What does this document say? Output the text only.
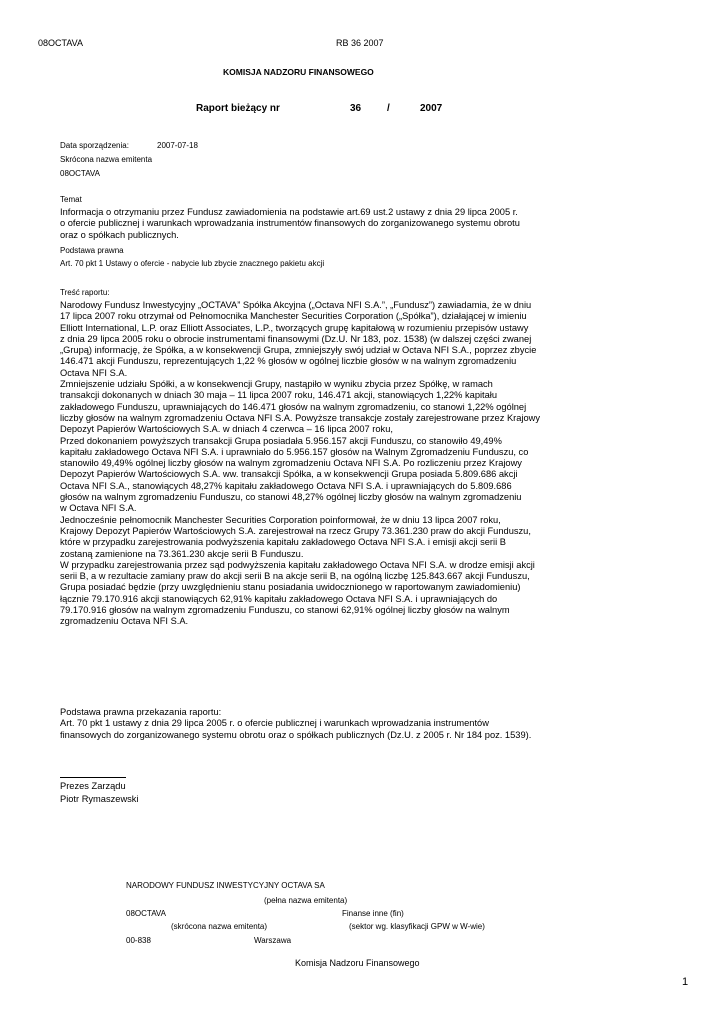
08OCTAVA	RB 36 2007
KOMISJA NADZORU FINANSOWEGO
Raport bieżący nr	36	/	2007
Data sporządzenia:	2007-07-18
Skrócona nazwa emitenta
08OCTAVA
Temat
Informacja o otrzymaniu przez Fundusz zawiadomienia na podstawie art.69 ust.2 ustawy z dnia 29 lipca 2005 r.
o ofercie publicznej i warunkach wprowadzania instrumentów finansowych do zorganizowanego systemu obrotu
oraz o spółkach publicznych.
Podstawa prawna
Art. 70 pkt 1 Ustawy o ofercie - nabycie lub zbycie znacznego pakietu akcji
Treść raportu:
Narodowy Fundusz Inwestycyjny „OCTAVA” Spółka Akcyjna („Octava NFI S.A.”, „Fundusz”) zawiadamia, że w dniu
17 lipca 2007 roku otrzymał od Pełnomocnika Manchester Securities Corporation („Spółka”), działającej w imieniu
Elliott International, L.P. oraz Elliott Associates, L.P., tworzących grupę kapitałową w rozumieniu przepisów ustawy
z dnia 29 lipca 2005 roku o obrocie instrumentami finansowymi (Dz.U. Nr 183, poz. 1538) (w dalszej części zwanej
„Grupą) informację, że Spółka, a w konsekwencji Grupa, zmniejszyły swój udział w Octava NFI S.A., poprzez zbycie
146.471 akcji Funduszu, reprezentujących 1,22 % głosów w ogólnej liczbie głosów w na walnym zgromadzeniu
Octava NFI S.A.
Zmniejszenie udziału Spółki, a w konsekwencji Grupy, nastąpiło w wyniku zbycia przez Spółkę, w ramach
transakcji dokonanych w dniach 30 maja – 11 lipca 2007 roku, 146.471 akcji, stanowiących 1,22% kapitału
zakładowego Funduszu, uprawniających do 146.471 głosów na walnym zgromadzeniu, co stanowi 1,22% ogólnej
liczby głosów na walnym zgromadzeniu Octava NFI S.A. Powyższe transakcje zostały zarejestrowane przez Krajowy
Depozyt Papierów Wartościowych S.A. w dniach 4 czerwca – 16 lipca 2007 roku,
Przed dokonaniem powyższych transakcji Grupa posiadała 5.956.157 akcji Funduszu, co stanowiło 49,49%
kapitału zakładowego Octava NFI S.A. i uprawniało do 5.956.157 głosów na Walnym Zgromadzeniu Funduszu, co
stanowiło 49,49% ogólnej liczby głosów na walnym zgromadzeniu Octava NFI S.A. Po rozliczeniu przez Krajowy
Depozyt Papierów Wartościowych S.A. ww. transakcji Spółka, a w konsekwencji Grupa posiada 5.809.686 akcji
Octava NFI S.A., stanowiących 48,27% kapitału zakładowego Octava NFI S.A. i uprawniających do 5.809.686
głosów na walnym zgromadzeniu Funduszu, co stanowi 48,27% ogólnej liczby głosów na walnym zgromadzeniu
w Octava NFI S.A.
Jednocześnie pełnomocnik Manchester Securities Corporation poinformował, że w dniu 13 lipca 2007 roku,
Krajowy Depozyt Papierów Wartościowych S.A. zarejestrował na rzecz Grupy 73.361.230 praw do akcji Funduszu,
które w przypadku zarejestrowania podwyższenia kapitału zakładowego Octava NFI S.A. i emisji akcji serii B
zostaną zamienione na 73.361.230 akcje serii B Funduszu.
W przypadku zarejestrowania przez sąd podwyższenia kapitału zakładowego Octava NFI S.A. w drodze emisji akcji
serii B, a w rezultacie zamiany praw do akcji serii B na akcje serii B, na ogólną liczbę 125.843.667 akcji Funduszu,
Grupa posiadać będzie (przy uwzględnieniu stanu posiadania uwidocznionego w raportowanym zawiadomieniu)
łącznie 79.170.916 akcji stanowiących 62,91% kapitału zakładowego Octava NFI S.A. i uprawniających do
79.170.916 głosów na walnym zgromadzeniu Funduszu, co stanowi 62,91% ogólnej liczby głosów na walnym
zgromadzeniu Octava NFI S.A.
Podstawa prawna przekazania raportu:
Art. 70 pkt 1 ustawy z dnia 29 lipca 2005 r. o ofercie publicznej i warunkach wprowadzania instrumentów
finansowych do zorganizowanego systemu obrotu oraz o spółkach publicznych (Dz.U. z 2005 r. Nr 184 poz. 1539).
Prezes Zarządu
Piotr Rymaszewski
NARODOWY FUNDUSZ INWESTYCYJNY OCTAVA SA
(pełna nazwa emitenta)
08OCTAVA	Finanse inne (fin)
(skrócona nazwa emitenta)	(sektor wg. klasyfikacji GPW w W-wie)
00-838	Warszawa
Komisja Nadzoru Finansowego
1
